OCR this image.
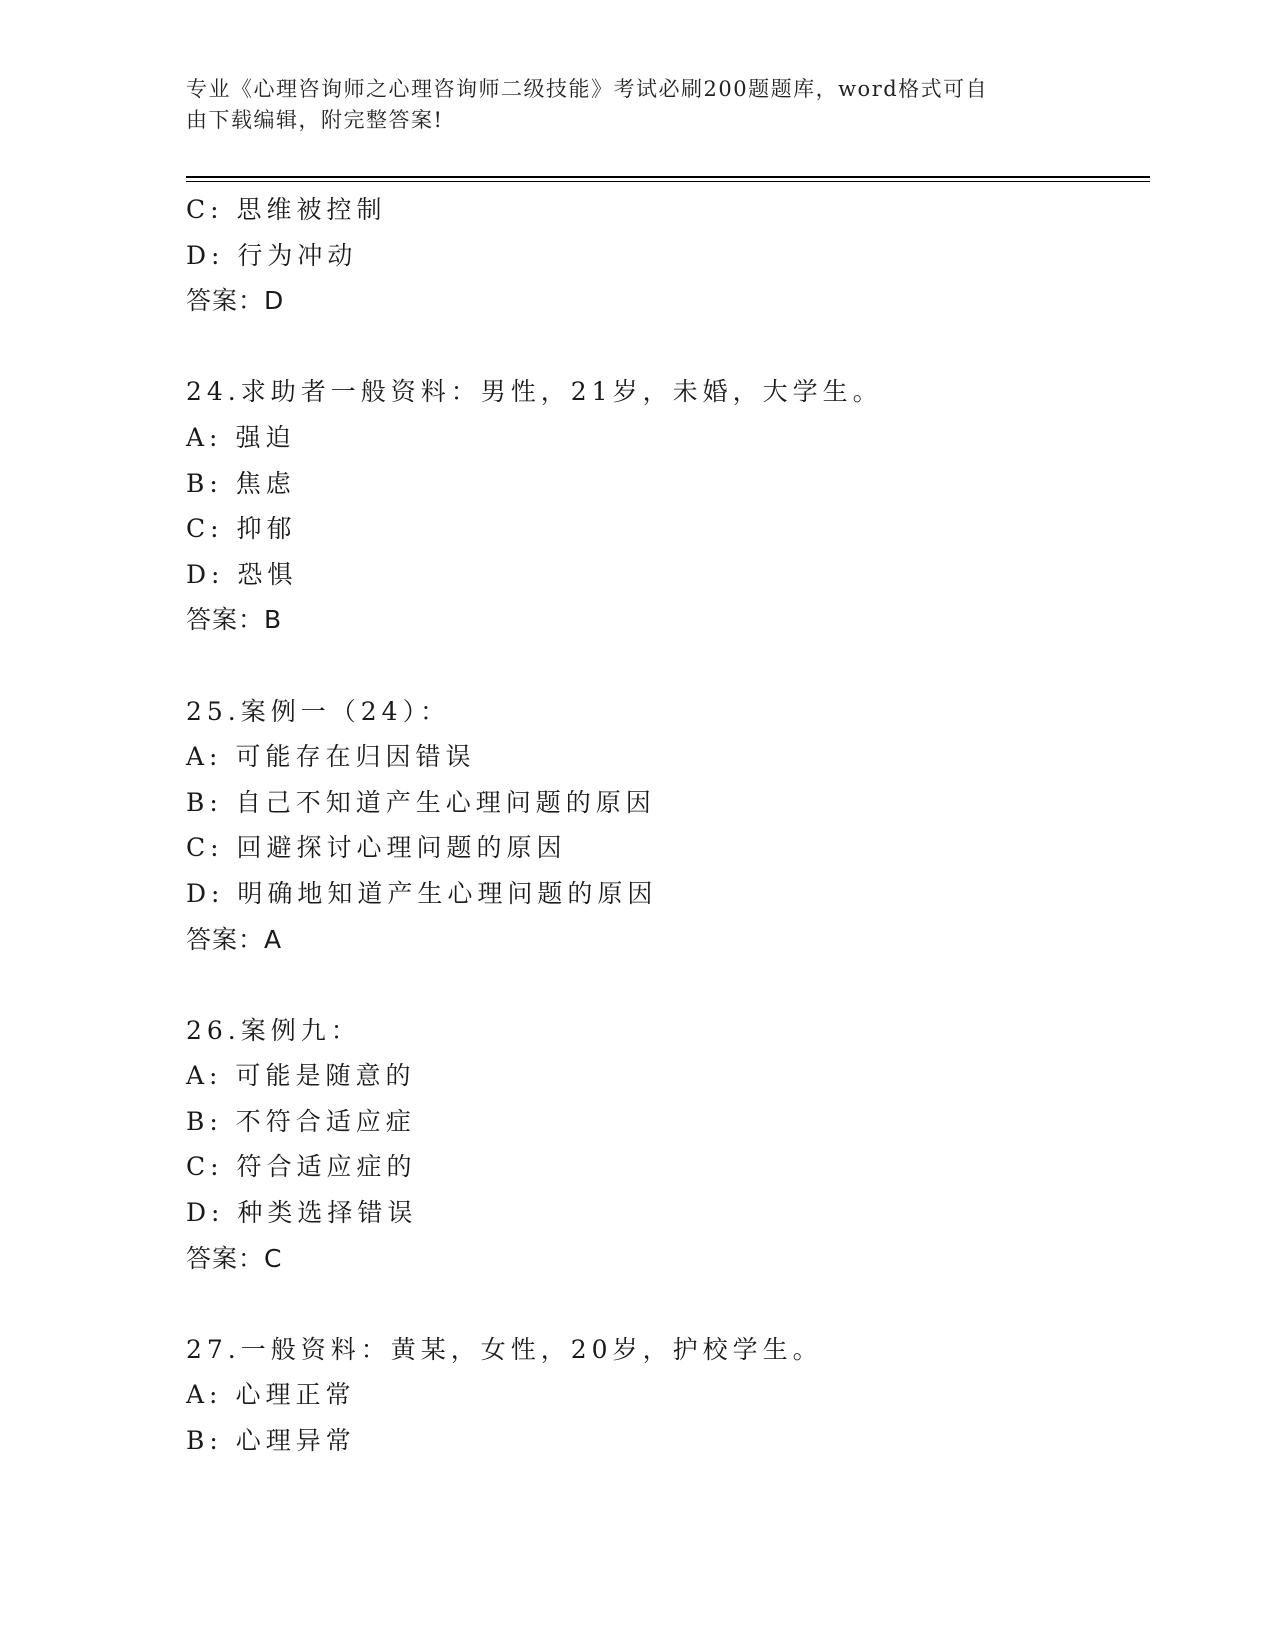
专业《心理咨询师之心理咨询师二级技能》考试必刷200题题库，word格式可自
由下载编辑，附完整答案!
C: 思维被控制
D: 行为冲动
答案：D
24.求助者一般资料：男性，21岁，未婚，大学生。
A: 强迫
B: 焦虑
C: 抑郁
D: 恐惧
答案：B
25.案例一（24）：
A: 可能存在归因错误
B: 自己不知道产生心理问题的原因
C: 回避探讨心理问题的原因
D: 明确地知道产生心理问题的原因
答案：A
26.案例九：
A: 可能是随意的
B: 不符合适应症
C: 符合适应症的
D: 种类选择错误
答案：C
27.一般资料：黄某，女性，20岁，护校学生。
A: 心理正常
B: 心理异常
